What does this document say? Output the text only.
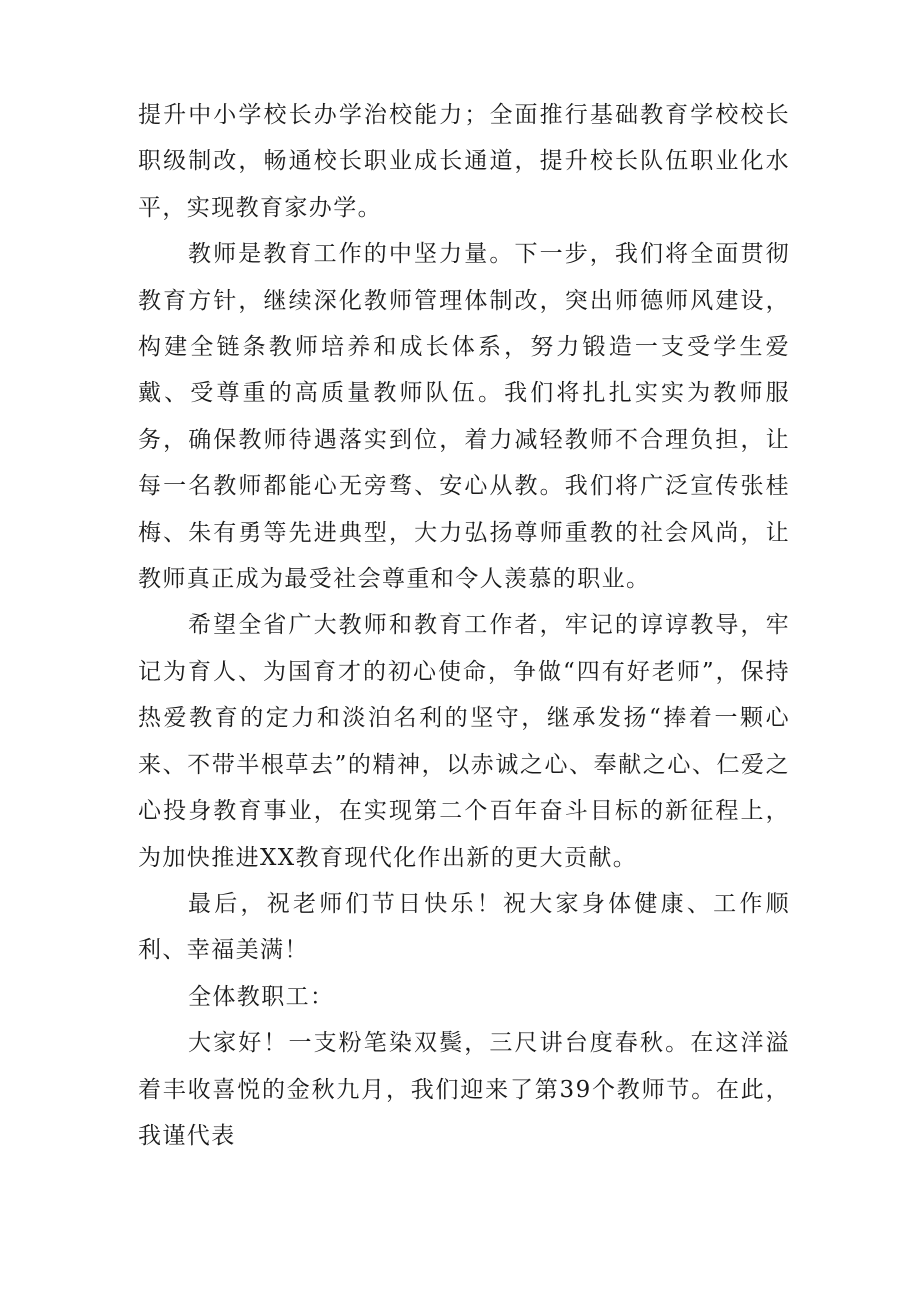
提升中小学校长办学治校能力；全面推行基础教育学校校长职级制改，畅通校长职业成长通道，提升校长队伍职业化水平，实现教育家办学。

教师是教育工作的中坚力量。下一步，我们将全面贯彻教育方针，继续深化教师管理体制改，突出师德师风建设，构建全链条教师培养和成长体系，努力锻造一支受学生爱戴、受尊重的高质量教师队伍。我们将扎扎实实为教师服务，确保教师待遇落实到位，着力减轻教师不合理负担，让每一名教师都能心无旁骛、安心从教。我们将广泛宣传张桂梅、朱有勇等先进典型，大力弘扬尊师重教的社会风尚，让教师真正成为最受社会尊重和令人羡慕的职业。

希望全省广大教师和教育工作者，牢记的谆谆教导，牢记为育人、为国育才的初心使命，争做“四有好老师”，保持热爱教育的定力和淡泊名利的坚守，继承发扬“捧着一颗心来、不带半根草去”的精神，以赤诚之心、奉献之心、仁爱之心投身教育事业，在实现第二个百年奋斗目标的新征程上，为加快推进XX教育现代化作出新的更大贡献。

最后，祝老师们节日快乐！祝大家身体健康、工作顺利、幸福美满！

全体教职工：

大家好！一支粉笔染双鬓，三尺讲台度春秋。在这洋溢着丰收喜悦的金秋九月，我们迎来了第39个教师节。在此，我谨代表
